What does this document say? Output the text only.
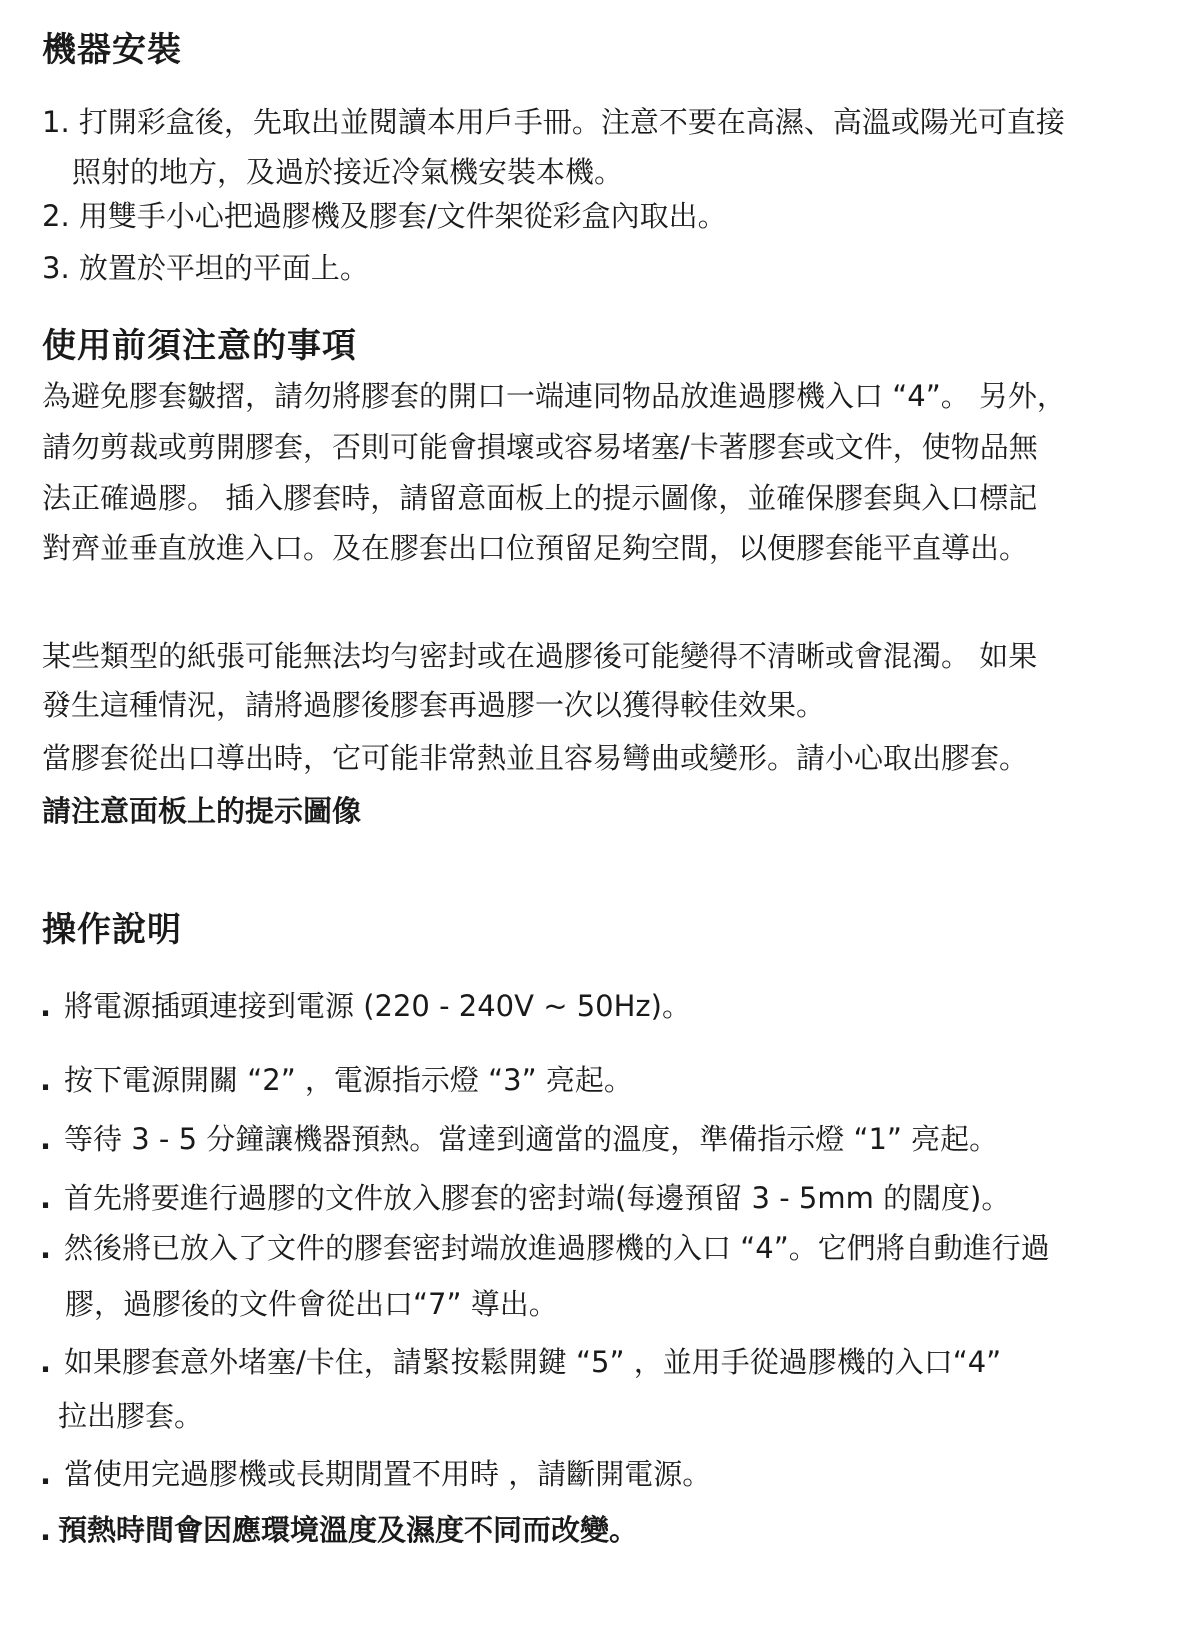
機器安裝

1. 打開彩盒後，先取出並閱讀本用戶手冊。注意不要在高濕、高溫或陽光可直接

照射的地方，及過於接近冷氣機安裝本機。

2. 用雙手小心把過膠機及膠套/文件架從彩盒內取出。

3. 放置於平坦的平面上。

使用前須注意的事項

為避免膠套皺摺，請勿將膠套的開口一端連同物品放進過膠機入口 “4”。 另外，

請勿剪裁或剪開膠套，否則可能會損壞或容易堵塞/卡著膠套或文件，使物品無

法正確過膠。 插入膠套時，請留意面板上的提示圖像，並確保膠套與入口標記

對齊並垂直放進入口。及在膠套出口位預留足夠空間，以便膠套能平直導出。

某些類型的紙張可能無法均勻密封或在過膠後可能變得不清晰或會混濁。 如果

發生這種情況，請將過膠後膠套再過膠一次以獲得較佳效果。

當膠套從出口導出時，它可能非常熱並且容易彎曲或變形。請小心取出膠套。

請注意面板上的提示圖像

操作說明

. 將電源插頭連接到電源 (220 - 240V ~ 50Hz)。

. 按下電源開關 “2” ，電源指示燈 “3” 亮起。

. 等待 3 - 5 分鐘讓機器預熱。當達到適當的溫度，準備指示燈 “1” 亮起。

. 首先將要進行過膠的文件放入膠套的密封端(每邊預留 3 - 5mm 的闊度)。

. 然後將已放入了文件的膠套密封端放進過膠機的入口 “4”。它們將自動進行過

膠，過膠後的文件會從出口“7” 導出。

. 如果膠套意外堵塞/卡住，請緊按鬆開鍵 “5” ，並用手從過膠機的入口“4”

拉出膠套。

. 當使用完過膠機或長期閒置不用時 ，請斷開電源。

. 預熱時間會因應環境溫度及濕度不同而改變。
